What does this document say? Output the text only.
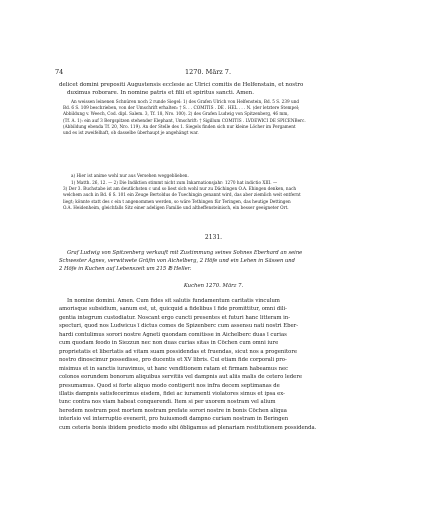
74	1270. März 7.
delicet domini prepositi Augustensis ecclesie ac Ulrici comitis de Helfenstain, et nostro
duximus roborare. In nomine patris et filii et spiritus sancti. Amen.
An weissen leinenen Schnüren noch 2 runde Siegel: 1) des Grafen Ulrich von Helfenstein, Bd. 5 S. 239 und
Bd. 6 S. 109 beschrieben, von der Umschrift erhalten: † S. . . COMITIS . DE . HEL . . . N. (der letztere Stempel;
Abbildung v. Weech, Cod. dipl. Salem. 3, Tf. 18, Nro. 100). 2) des Grafen Ludwig von Spitzenberg, 46 mm,
(Tf. A. 1): ein auf 3 Bergspitzen stehender Elephant, Umschrift: † Sigillum COMITIS . LVDEWICI DE SPICENBerc.
(Abbildung ebenda Tf. 20, Nro. 119). An der Stelle des 1. Siegels finden sich nur kleine Löcher im Pergament
und es ist zweifelhaft, ob dasselbe überhaupt je angehängt war.
a) Hier ist anime wohl nur aus Versehen weggeblieben.
1) Matth. 26, 12. — 2) Die Indiktion stimmt nicht zum Inkarnationsjahr: 1270 hat indictio XIII. —
3) Der 3. Buchstabe ist am deutlichsten c und so liest sich wohl nur zu Dächingen O.A. Ehingen denken, nach
welchem auch in Bd. 6 S. 101 ein Zeuge Bertoldus de Tuechingin genannt wird, das aber ziemlich weit entfernt
liegt; könnte statt des c ein t angenommen werden, so wäre Tethingen für Teringen, das heutige Dettingen
O.A. Heidenheim, gleichfalls Sitz einer adeligen Familie und altheffensteinisch, ein besser geeigneter Ort.
2131.
Graf Ludwig von Spitzenberg verkauft mit Zustimmung seines Sohnes Eberhard an seine
Schwester Agnes, verwitwete Gräfin von Aichelberg, 2 Höfe und ein Lehen in Sässen und
2 Höfe in Kuchen auf Lebenszeit um 215 ℔ Heller.
Kuchen 1270. März 7.
In nomine domini. Amen. Cum fides sit salutis fundamentum caritatis vinculum
amorisque subsidium, sanum est, ut, quicquid a fidelibus ī fide promittitur, omni dili-
gentia integrum custodiatur. Noscant ergo cuncti presentes et futuri hanc litteram in-
specturi, quod nos Ludwicus ī dictus comes de Spizenberc cum assensu nati nostri Eber-
hardi contulimus sorori nostre Agneti quondam comitisse in Aichelberc duas ī curias
cum quodam feodo in Siezzun nec non duas curias sitas in Cöchen cum omni iure
proprietatis et libertatis ad vitam suam possidendas et fruendas, sicut nos a progenitore
nostro dinoscimur possedisse, pro ducentis et XV libris. Cui etiam fide corporali pro-
misimus et in sanctis iuravimus, ut hanc venditionem ratam et firmam habeamus nec
colonos eorundem bonorum aliquibus servitiis vel dampnis aut aliis malis de cetero ledere
presumamus. Quod si forte aliquo modo contigerit nos infra decem septimanas de
illatis dampnis satisfecerimus eisdem, fidei ac iuramenti violatores simus et ipsa ex-
tunc contra nos viam habeat conquerendi. Item si per uxorem nostram vel alium
heredem nostrum post mortem nostram prefate sorori nostre in bonis Cöchen aliqua
interlsio vel interruptio evenerit, pro huiusmodi dampno curiam nostram in Beringen
cum ceteris bonis ibidem predicto modo sibi ōbligamus ad plenariam restitutionem possidenda.
